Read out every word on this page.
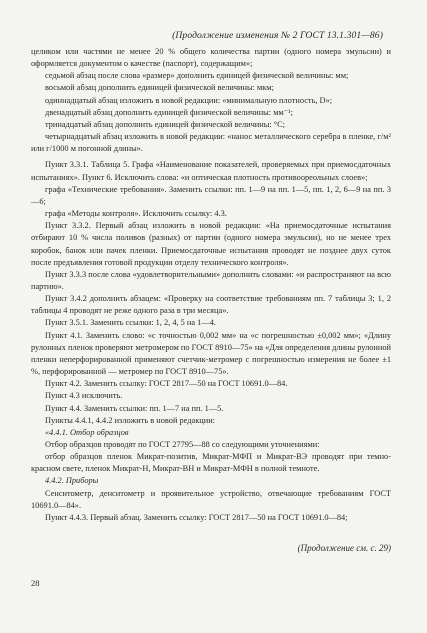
(Продолжение изменения № 2 ГОСТ 13.1.301—86)

целиком или частями не менее 20 % общего количества партии (одного номера эмульсии) и оформляется документом о качестве (паспорт), содержащим»;

седьмой абзац после слова «размер» дополнить единицей физической величины: мм;

восьмой абзац дополнить единицей физической величины: мкм;

одиннадцатый абзац изложить в новой редакции: «минимальную плотность, D»;

двенадцатый абзац дополнить единицей физической величины: мм⁻¹;

тринадцатый абзац дополнить единицей физической величины: °С;

четырнадцатый абзац изложить в новой редакции: «нанос металлического серебра в пленке, г/м² или г/1000 м погонной длины».

Пункт 3.3.1. Таблица 5. Графа «Наименование показателей, проверяемых при приемосдаточных испытаниях». Пункт 6. Исключить слова: «и оптическая плотность противоореольных слоев»;

графа «Технические требования». Заменить ссылки: пп. 1—9 на пп. 1—5, пп. 1, 2, 6—9 на пп. 3—6;

графа «Методы контроля». Исключить ссылку: 4.3.

Пункт 3.3.2. Первый абзац изложить в новой редакции: «На приемосдаточные испытания отбирают 10 % числа поливов (разных) от партии (одного номера эмульсии), но не менее трех коробок, банок или пачек пленки. Приемосдаточные испытания проводят не позднее двух суток после предъявления готовой продукции отделу технического контроля».

Пункт 3.3.3 после слова «удовлетворительными» дополнить словами: «и распространяют на всю партию».

Пункт 3.4.2 дополнить абзацем: «Проверку на соответствие требованиям пп. 7 таблицы 3; 1, 2 таблицы 4 проводят не реже одного раза в три месяца».

Пункт 3.5.1. Заменить ссылки: 1, 2, 4, 5 на 1—4.

Пункт 4.1. Заменить слово: «с точностью 0,002 мм» на «с погрешностью ±0,002 мм»; «Длину рулонных пленок проверяют метромером по ГОСТ 8910—75» на «Для определения длины рулонной пленки неперфорированной применяют счетчик-метромер с погрешностью измерения не более ±1 %, перфорированной — метромер по ГОСТ 8910—75».

Пункт 4.2. Заменить ссылку: ГОСТ 2817—50 на ГОСТ 10691.0—84.

Пункт 4.3 исключить.

Пункт 4.4. Заменить ссылки: пп. 1—7 на пп. 1—5.

Пункты 4.4.1, 4.4.2 изложить в новой редакции:

«4.4.1. Отбор образцов

Отбор образцов проводят по ГОСТ 27795—88 со следующими уточнениями:

отбор образцов пленок Микрат-позитив, Микрат-МФП и Микрат-ВЭ проводят при темно-красном свете, пленок Микрат-Н, Микрат-ВН и Микрат-МФН в полной темноте.

4.4.2. Приборы

Сенситометр, денситометр и проявительное устройство, отвечающие требованиям ГОСТ 10691.0—84».

Пункт 4.4.3. Первый абзац. Заменить ссылку: ГОСТ 2817—50 на ГОСТ 10691.0—84;

(Продолжение см. с. 29)

28
